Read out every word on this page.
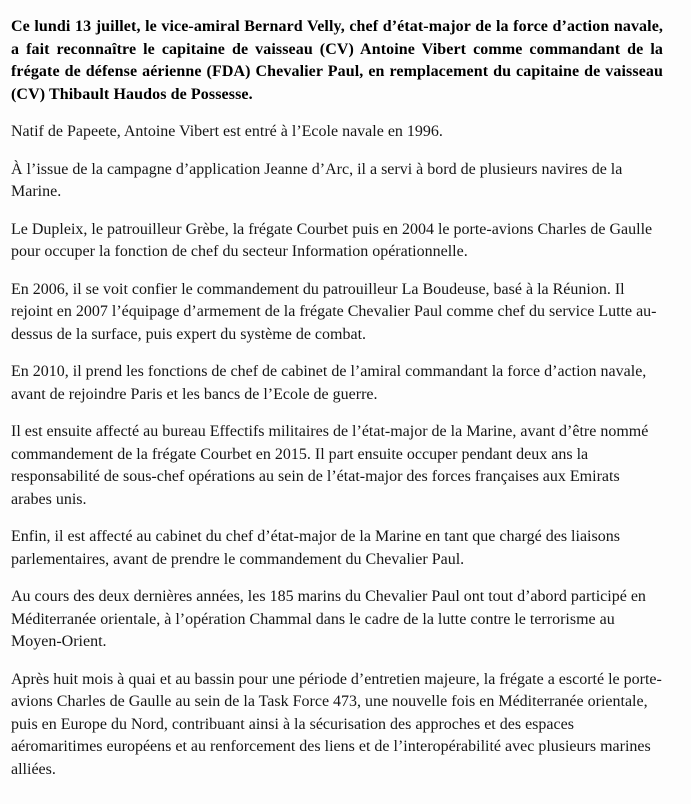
Ce lundi 13 juillet, le vice-amiral Bernard Velly, chef d’état-major de la force d’action navale, a fait reconnaître le capitaine de vaisseau (CV) Antoine Vibert comme commandant de la frégate de défense aérienne (FDA) Chevalier Paul, en remplacement du capitaine de vaisseau (CV) Thibault Haudos de Possesse.

Natif de Papeete, Antoine Vibert est entré à l’Ecole navale en 1996.

À l’issue de la campagne d’application Jeanne d’Arc, il a servi à bord de plusieurs navires de la Marine.

Le Dupleix, le patrouilleur Grèbe, la frégate Courbet puis en 2004 le porte-avions Charles de Gaulle pour occuper la fonction de chef du secteur Information opérationnelle.

En 2006, il se voit confier le commandement du patrouilleur La Boudeuse, basé à la Réunion. Il rejoint en 2007 l’équipage d’armement de la frégate Chevalier Paul comme chef du service Lutte au-dessus de la surface, puis expert du système de combat.

En 2010, il prend les fonctions de chef de cabinet de l’amiral commandant la force d’action navale, avant de rejoindre Paris et les bancs de l’Ecole de guerre.

Il est ensuite affecté au bureau Effectifs militaires de l’état-major de la Marine, avant d’être nommé commandement de la frégate Courbet en 2015. Il part ensuite occuper pendant deux ans la responsabilité de sous-chef opérations au sein de l’état-major des forces françaises aux Emirats arabes unis.

Enfin, il est affecté au cabinet du chef d’état-major de la Marine en tant que chargé des liaisons parlementaires, avant de prendre le commandement du Chevalier Paul.

Au cours des deux dernières années, les 185 marins du Chevalier Paul ont tout d’abord participé en Méditerranée orientale, à l’opération Chammal dans le cadre de la lutte contre le terrorisme au Moyen-Orient.

Après huit mois à quai et au bassin pour une période d’entretien majeure, la frégate a escorté le porte-avions Charles de Gaulle au sein de la Task Force 473, une nouvelle fois en Méditerranée orientale, puis en Europe du Nord, contribuant ainsi à la sécurisation des approches et des espaces aéromaritimes européens et au renforcement des liens et de l’interopérabilité avec plusieurs marines alliées.
